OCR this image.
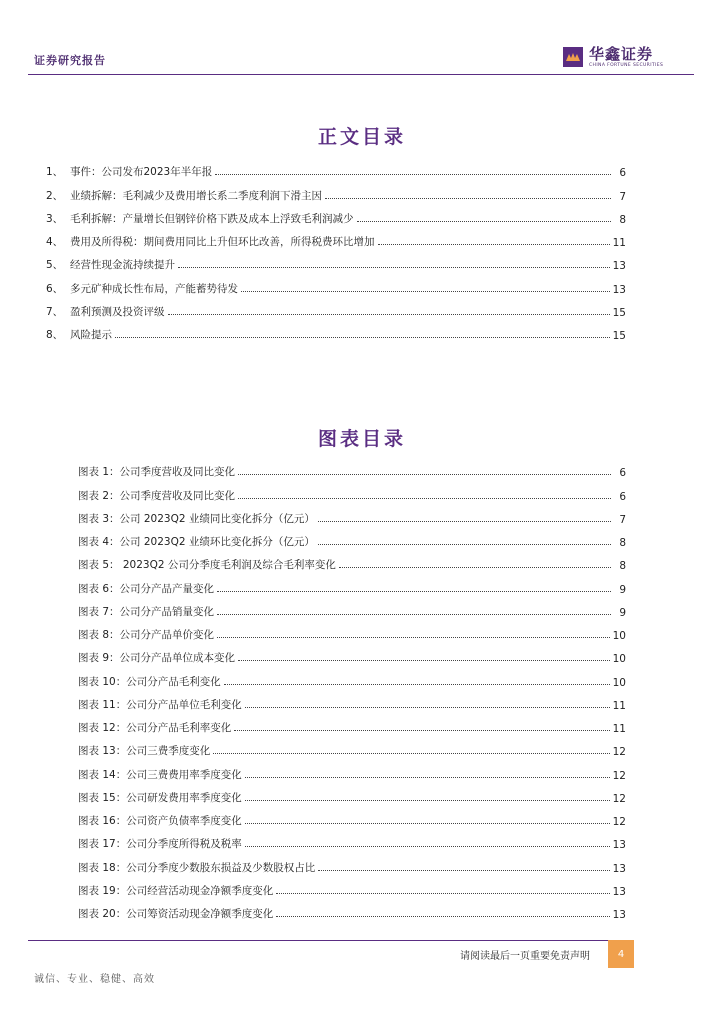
证券研究报告	华鑫证券
CHINA FORTUNE SECURITIES
正文目录
1、 事件：公司发布2023年半年报	6
2、 业绩拆解：毛利减少及费用增长系二季度利润下滑主因	7
3、 毛利拆解：产量增长但钢锌价格下跌及成本上浮致毛利润减少	8
4、 费用及所得税：期间费用同比上升但环比改善，所得税费环比增加	11
5、 经营性现金流持续提升	13
6、 多元矿种成长性布局，产能蓄势待发	13
7、 盈利预测及投资评级	15
8、 风险提示	15
图表目录
图表 1：公司季度营收及同比变化	6
图表 2：公司季度营收及同比变化	6
图表 3：公司 2023Q2 业绩同比变化拆分（亿元）	7
图表 4：公司 2023Q2 业绩环比变化拆分（亿元）	8
图表 5： 2023Q2 公司分季度毛利润及综合毛利率变化	8
图表 6：公司分产品产量变化	9
图表 7：公司分产品销量变化	9
图表 8：公司分产品单价变化	10
图表 9：公司分产品单位成本变化	10
图表 10：公司分产品毛利变化	10
图表 11：公司分产品单位毛利变化	11
图表 12：公司分产品毛利率变化	11
图表 13：公司三费季度变化	12
图表 14：公司三费费用率季度变化	12
图表 15：公司研发费用率季度变化	12
图表 16：公司资产负债率季度变化	12
图表 17：公司分季度所得税及税率	13
图表 18：公司分季度少数股东损益及少数股权占比	13
图表 19：公司经营活动现金净额季度变化	13
图表 20：公司筹资活动现金净额季度变化	13
请阅读最后一页重要免责声明	4
诚信、专业、稳健、高效
